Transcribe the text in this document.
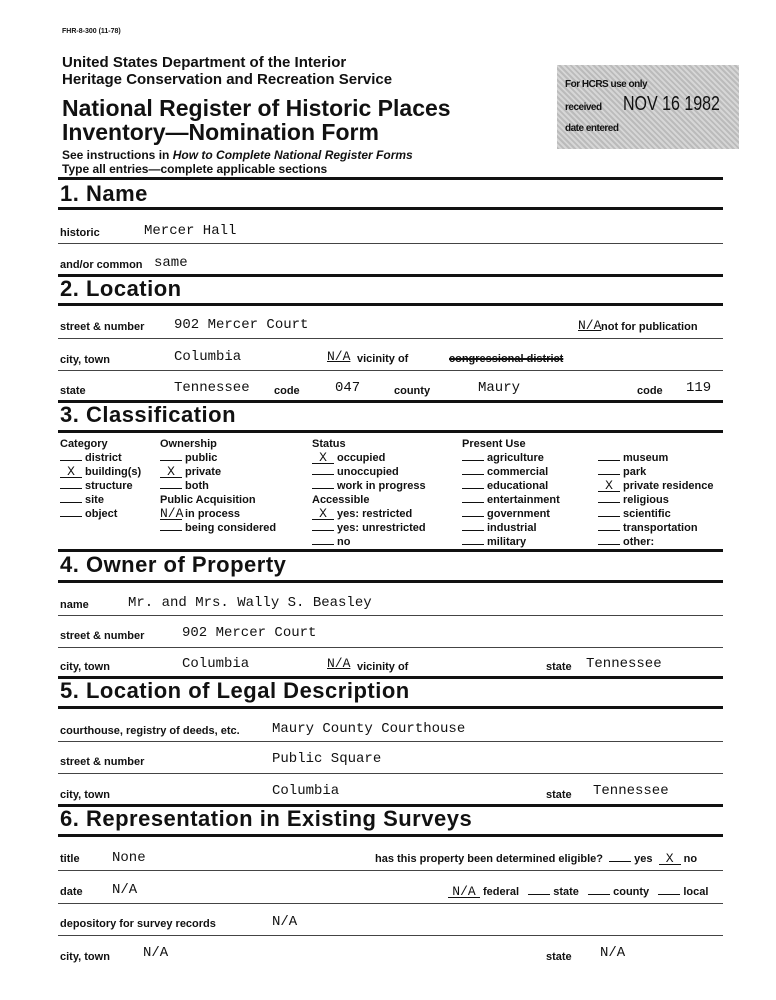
FHR-8-300 (11-78)
United States Department of the Interior
Heritage Conservation and Recreation Service
National Register of Historic Places
Inventory—Nomination Form
See instructions in How to Complete National Register Forms
Type all entries—complete applicable sections
For HCRS use only
received NOV 16 1982
date entered
1. Name
historic	Mercer Hall
and/or common same
2. Location
street & number 902 Mercer Court	N/A not for publication
city, town	Columbia	N/A vicinity of	congressional district
state	Tennessee code	047	county	Maury	code 119
3. Classification
Category
district
X building(s)
structure
site
object
Ownership
public
X private
both
Public Acquisition
N/A in process
being considered
Status
X occupied
unoccupied
work in progress
Accessible
X yes: restricted
yes: unrestricted
no
Present Use
agriculture
commercial
educational
entertainment
government
industrial
military
museum
park
X private residence
religious
scientific
transportation
other:
4. Owner of Property
name	Mr. and Mrs. Wally S. Beasley
street & number	902 Mercer Court
city, town	Columbia	N/A vicinity of	state Tennessee
5. Location of Legal Description
courthouse, registry of deeds, etc. Maury County Courthouse
street & number	Public Square
city, town	Columbia	state Tennessee
6. Representation in Existing Surveys
title None	has this property been determined eligible?	yes X no
date N/A	N/A federal	state	county	local
depository for survey records	N/A
city, town N/A	state N/A
